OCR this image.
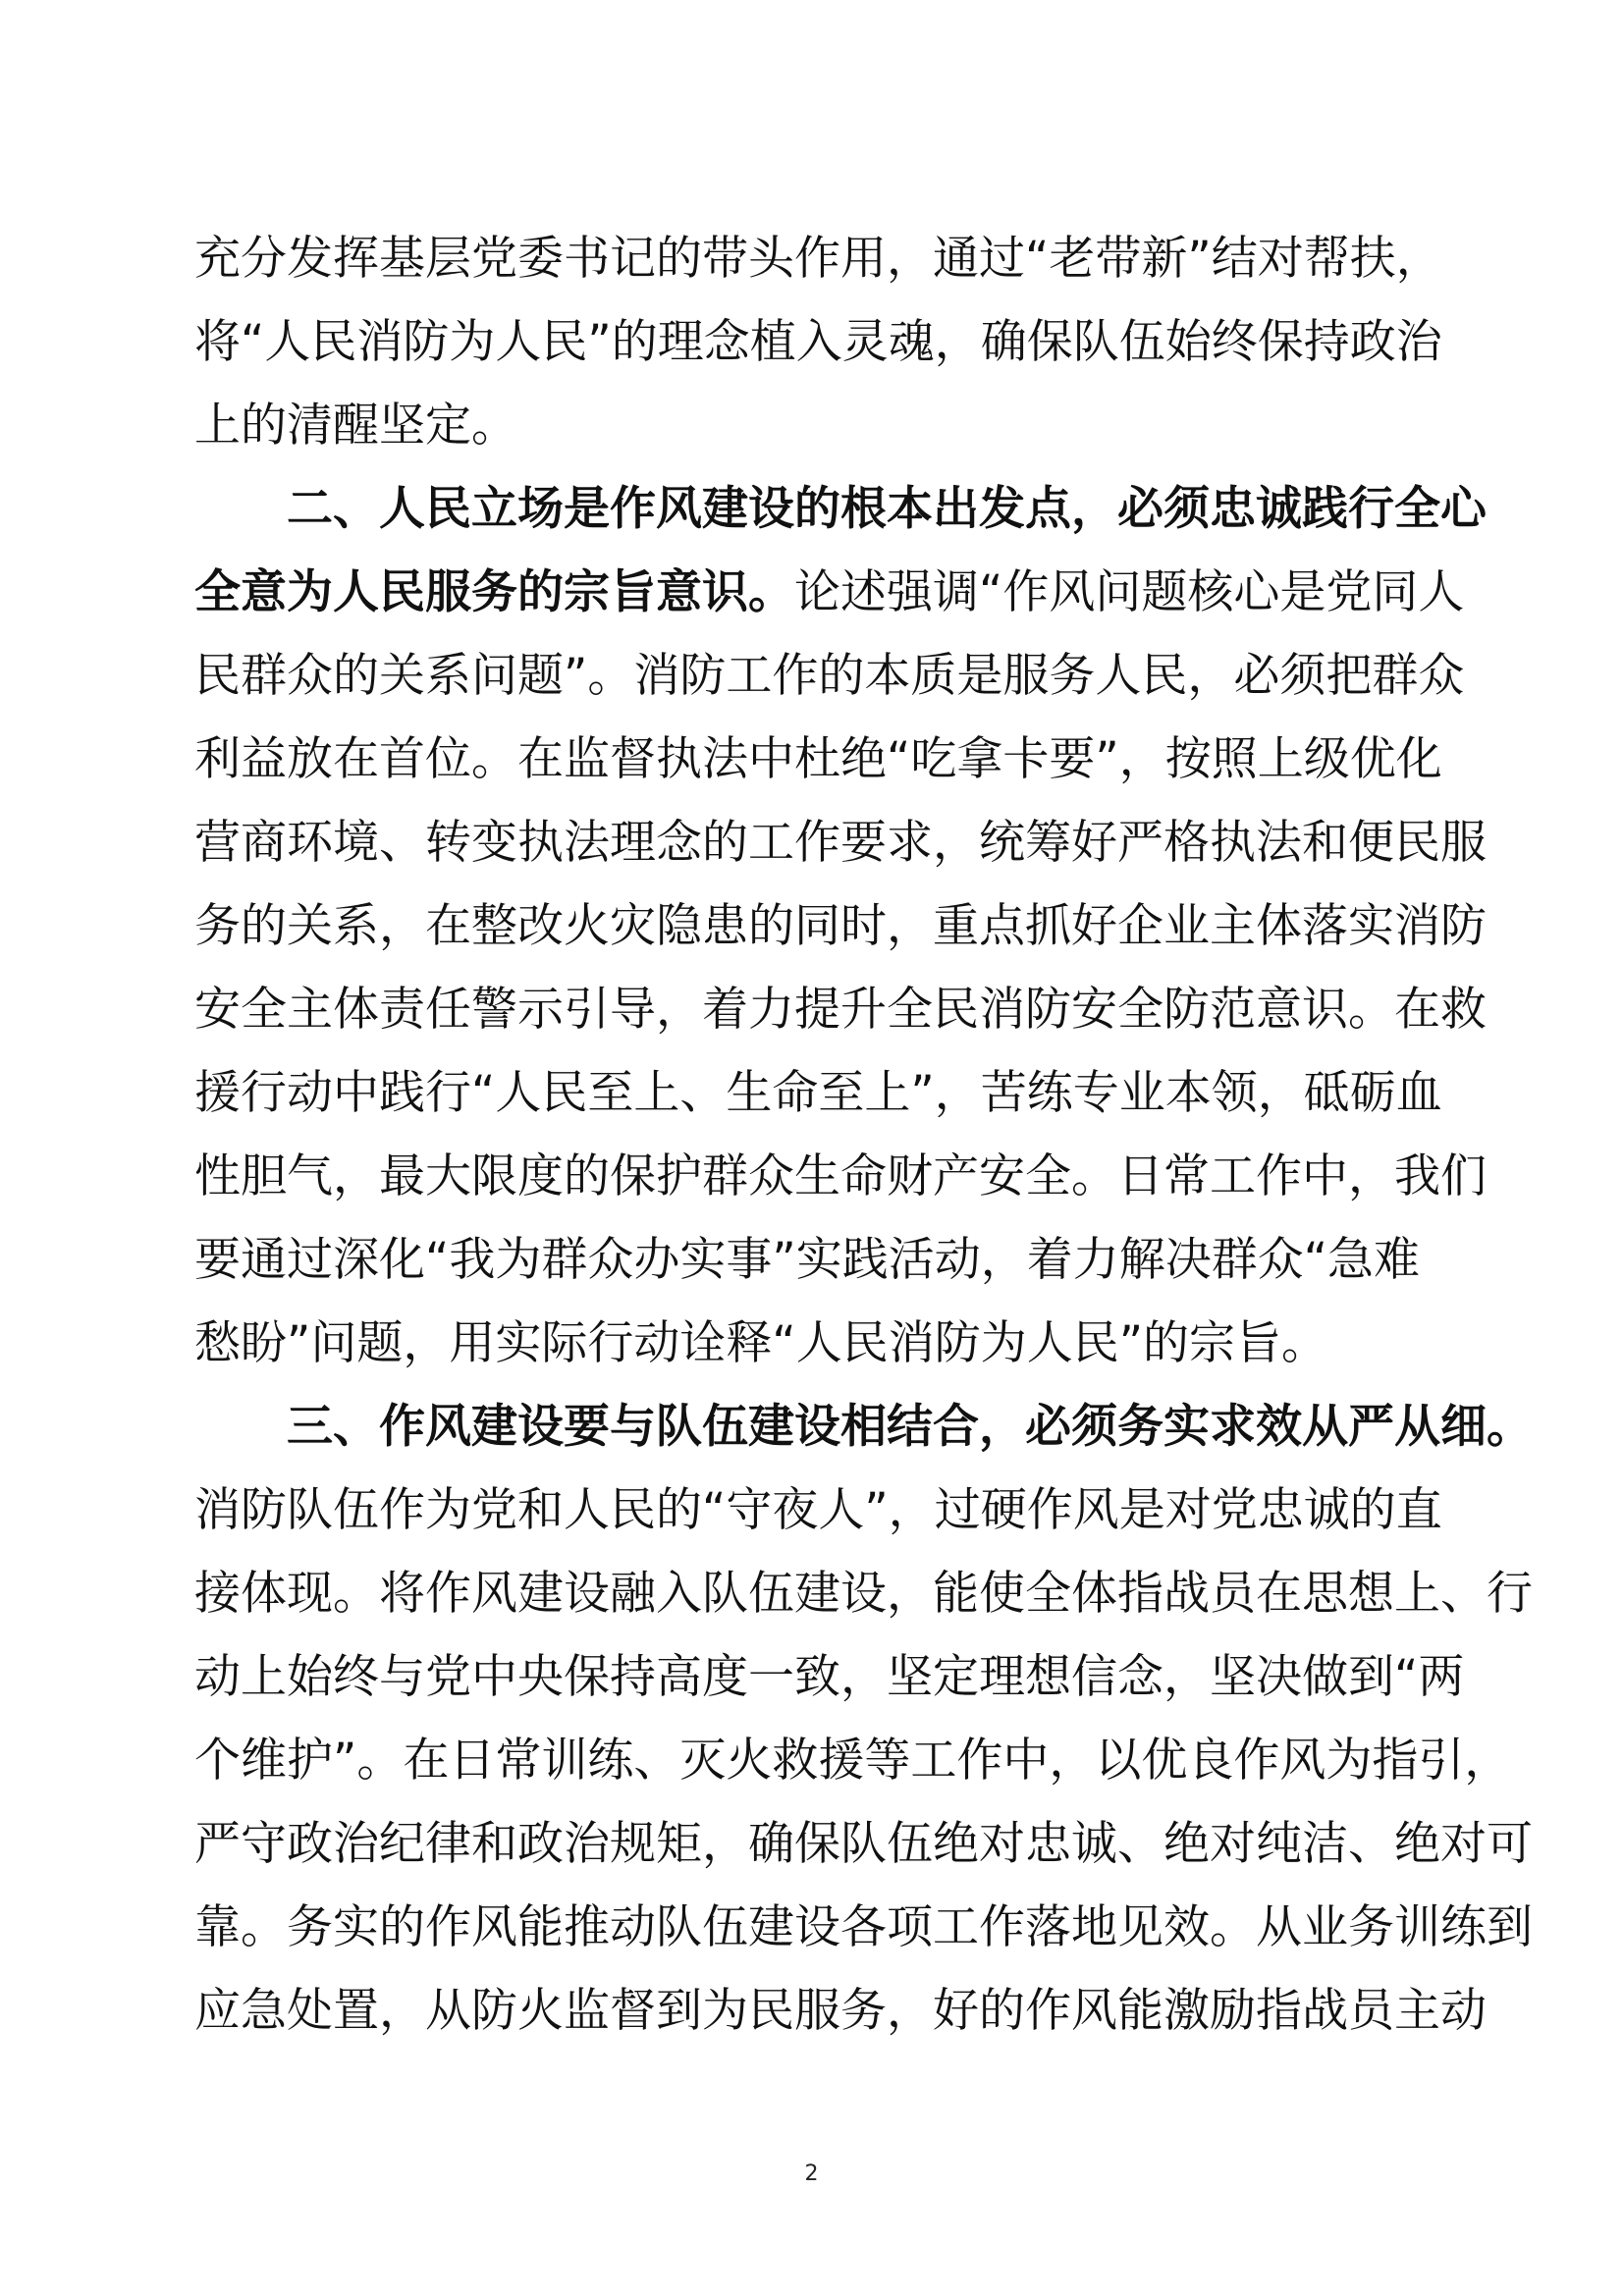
充分发挥基层党委书记的带头作用，通过“老带新”结对帮扶，
将“人民消防为人民”的理念植入灵魂，确保队伍始终保持政治
上的清醒坚定。
二、人民立场是作风建设的根本出发点，必须忠诚践行全心
全意为人民服务的宗旨意识。论述强调“作风问题核心是党同人
民群众的关系问题”。消防工作的本质是服务人民，必须把群众
利益放在首位。在监督执法中杜绝“吃拿卡要”，按照上级优化
营商环境、转变执法理念的工作要求，统筹好严格执法和便民服
务的关系，在整改火灾隐患的同时，重点抓好企业主体落实消防
安全主体责任警示引导，着力提升全民消防安全防范意识。在救
援行动中践行“人民至上、生命至上”，苦练专业本领，砥砺血
性胆气，最大限度的保护群众生命财产安全。日常工作中，我们
要通过深化“我为群众办实事”实践活动，着力解决群众“急难
愁盼”问题，用实际行动诠释“人民消防为人民”的宗旨。
三、作风建设要与队伍建设相结合，必须务实求效从严从细。
消防队伍作为党和人民的“守夜人”，过硬作风是对党忠诚的直
接体现。将作风建设融入队伍建设，能使全体指战员在思想上、行
动上始终与党中央保持高度一致，坚定理想信念，坚决做到“两
个维护”。在日常训练、灭火救援等工作中，以优良作风为指引，
严守政治纪律和政治规矩，确保队伍绝对忠诚、绝对纯洁、绝对可
靠。务实的作风能推动队伍建设各项工作落地见效。从业务训练到
应急处置，从防火监督到为民服务，好的作风能激励指战员主动
2
